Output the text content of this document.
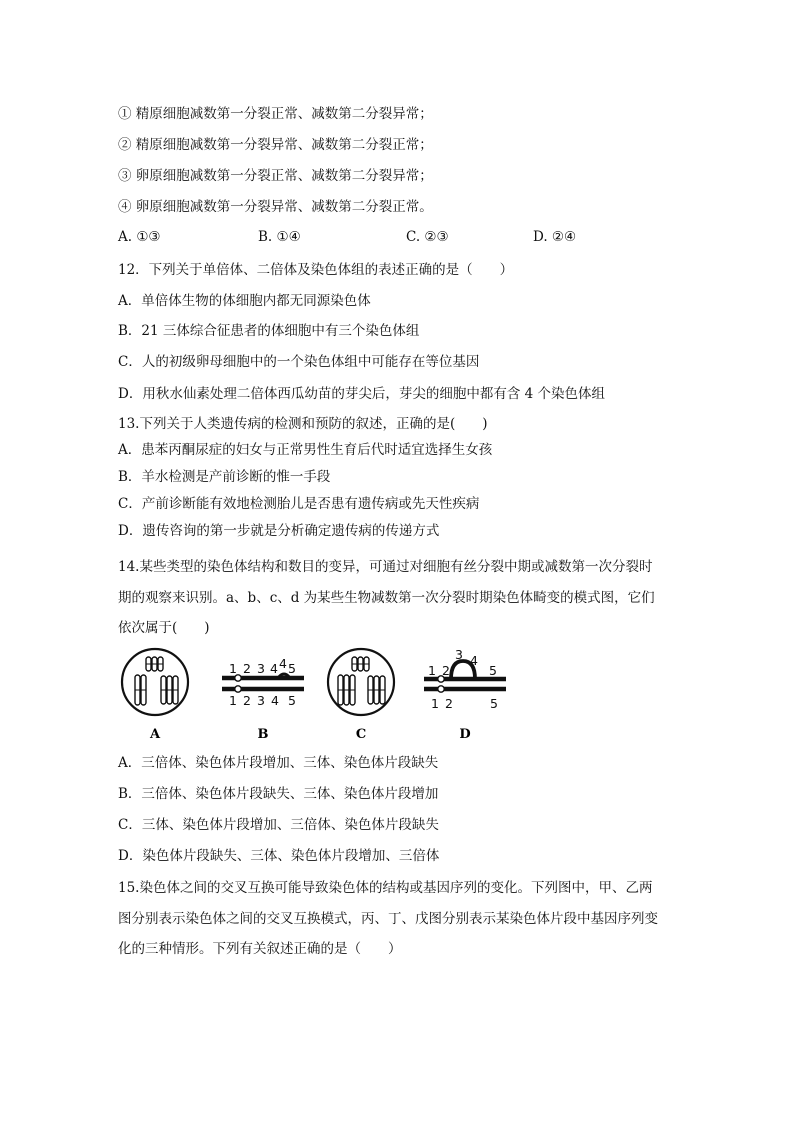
① 精原细胞减数第一分裂正常、减数第二分裂异常；
② 精原细胞减数第一分裂异常、减数第二分裂正常；
③ 卵原细胞减数第一分裂正常、减数第二分裂异常；
④ 卵原细胞减数第一分裂异常、减数第二分裂正常。
A. ①③	B. ①④	C. ②③	D. ②④
12．下列关于单倍体、二倍体及染色体组的表述正确的是（　　）
A．单倍体生物的体细胞内都无同源染色体
B．21 三体综合征患者的体细胞中有三个染色体组
C．人的初级卵母细胞中的一个染色体组中可能存在等位基因
D．用秋水仙素处理二倍体西瓜幼苗的芽尖后，芽尖的细胞中都有含 4 个染色体组
13.下列关于人类遗传病的检测和预防的叙述，正确的是(　　)
A．患苯丙酮尿症的妇女与正常男性生育后代时适宜选择生女孩
B．羊水检测是产前诊断的惟一手段
C．产前诊断能有效地检测胎儿是否患有遗传病或先天性疾病
D．遗传咨询的第一步就是分析确定遗传病的传递方式
14.某些类型的染色体结构和数目的变异，可通过对细胞有丝分裂中期或减数第一次分裂时
期的观察来识别。a、b、c、d 为某些生物减数第一次分裂时期染色体畸变的模式图，它们
依次属于(　　)
A
1 2 3 4 4 5
1 2 3 4 5
B	C
1 2
3 4
5
1 2	5
D
A．三倍体、染色体片段增加、三体、染色体片段缺失
B．三倍体、染色体片段缺失、三体、染色体片段增加
C．三体、染色体片段增加、三倍体、染色体片段缺失
D．染色体片段缺失、三体、染色体片段增加、三倍体
15.染色体之间的交叉互换可能导致染色体的结构或基因序列的变化。下列图中，甲、乙两
图分别表示染色体之间的交叉互换模式，丙、丁、戊图分别表示某染色体片段中基因序列变
化的三种情形。下列有关叙述正确的是（　　）
